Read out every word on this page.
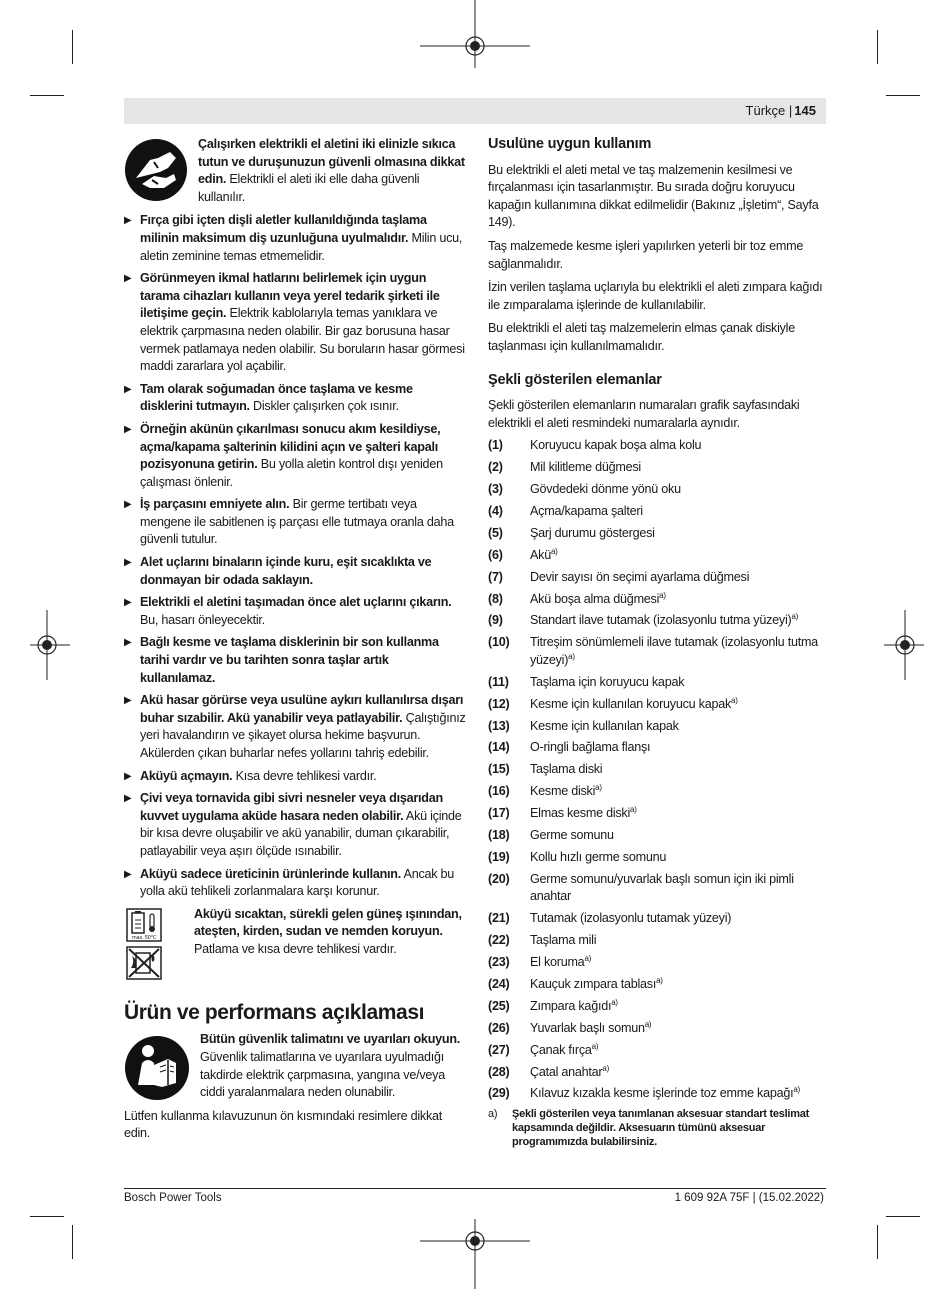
Türkçe | 145
Çalışırken elektrikli el aletini iki elinizle sıkıca tutun ve duruşunuzun güvenli olmasına dikkat edin. Elektrikli el aleti iki elle daha güvenli kullanılır.
▶ Fırça gibi içten dişli aletler kullanıldığında taşlama milinin maksimum diş uzunluğuna uyulmalıdır. Milin ucu, aletin zeminine temas etmemelidir.
▶ Görünmeyen ikmal hatlarını belirlemek için uygun tarama cihazları kullanın veya yerel tedarik şirketi ile iletişime geçin. Elektrik kablolarıyla temas yanıklara ve elektrik çarpmasına neden olabilir. Bir gaz borusuna hasar vermek patlamaya neden olabilir. Su boruların hasar görmesi maddi zararlara yol açabilir.
▶ Tam olarak soğumadan önce taşlama ve kesme disklerini tutmayın. Diskler çalışırken çok ısınır.
▶ Örneğin akünün çıkarılması sonucu akım kesildiyse, açma/kapama şalterinin kilidini açın ve şalteri kapalı pozisyonuna getirin. Bu yolla aletin kontrol dışı yeniden çalışması önlenir.
▶ İş parçasını emniyete alın. Bir germe tertibatı veya mengene ile sabitlenen iş parçası elle tutmaya oranla daha güvenli tutulur.
▶ Alet uçlarını binaların içinde kuru, eşit sıcaklıkta ve donmayan bir odada saklayın.
▶ Elektrikli el aletini taşımadan önce alet uçlarını çıkarın. Bu, hasarı önleyecektir.
▶ Bağlı kesme ve taşlama disklerinin bir son kullanma tarihi vardır ve bu tarihten sonra taşlar artık kullanılamaz.
▶ Akü hasar görürse veya usulüne aykırı kullanılırsa dışarı buhar sızabilir. Akü yanabilir veya patlayabilir. Çalıştığınız yeri havalandırın ve şikayet olursa hekime başvurun. Akülerden çıkan buharlar nefes yollarını tahriş edebilir.
▶ Aküyü açmayın. Kısa devre tehlikesi vardır.
▶ Çivi veya tornavida gibi sivri nesneler veya dışarıdan kuvvet uygulama aküde hasara neden olabilir. Akü içinde bir kısa devre oluşabilir ve akü yanabilir, duman çıkarabilir, patlayabilir veya aşırı ölçüde ısınabilir.
▶ Aküyü sadece üreticinin ürünlerinde kullanın. Ancak bu yolla akü tehlikeli zorlanmalara karşı korunur.
max. 50°C
Aküyü sıcaktan, sürekli gelen güneş ışınından, ateşten, kirden, sudan ve nemden koruyun. Patlama ve kısa devre tehlikesi vardır.
Ürün ve performans açıklaması
Bütün güvenlik talimatını ve uyarıları okuyun. Güvenlik talimatlarına ve uyarılara uyulmadığı takdirde elektrik çarpmasına, yangına ve/veya ciddi yaralanmalara neden olunabilir.

Lütfen kullanma kılavuzunun ön kısmındaki resimlere dikkat edin.

Usulüne uygun kullanım

Bu elektrikli el aleti metal ve taş malzemenin kesilmesi ve fırçalanması için tasarlanmıştır. Bu sırada doğru koruyucu kapağın kullanımına dikkat edilmelidir (Bakınız „İşletim“, Sayfa 149).

Taş malzemede kesme işleri yapılırken yeterli bir toz emme sağlanmalıdır.

İzin verilen taşlama uçlarıyla bu elektrikli el aleti zımpara kağıdı ile zımparalama işlerinde de kullanılabilir.

Bu elektrikli el aleti taş malzemelerin elmas çanak diskiyle taşlanması için kullanılmamalıdır.

Şekli gösterilen elemanlar

Şekli gösterilen elemanların numaraları grafik sayfasındaki elektrikli el aleti resmindeki numaralarla aynıdır.

(1)	Koruyucu kapak boşa alma kolu
(2)	Mil kilitleme düğmesi
(3)	Gövdedeki dönme yönü oku
(4)	Açma/kapama şalteri
(5)	Şarj durumu göstergesi
(6)	Akü$^{a)}$
(7)	Devir sayısı ön seçimi ayarlama düğmesi
(8)	Akü boşa alma düğmesi$^{a)}$
(9)	Standart ilave tutamak (izolasyonlu tutma yüzeyi)$^{a)}$
(10)	Titreşim sönümlemeli ilave tutamak (izolasyonlu tutma yüzeyi)$^{a)}$
(11)	Taşlama için koruyucu kapak
(12)	Kesme için kullanılan koruyucu kapak$^{a)}$
(13)	Kesme için kullanılan kapak
(14)	O-ringli bağlama flanşı
(15)	Taşlama diski
(16)	Kesme diski$^{a)}$
(17)	Elmas kesme diski$^{a)}$
(18)	Germe somunu
(19)	Kollu hızlı germe somunu
(20)	Germe somunu/yuvarlak başlı somun için iki pimli anahtar
(21)	Tutamak (izolasyonlu tutamak yüzeyi)
(22)	Taşlama mili
(23)	El koruma$^{a)}$
(24)	Kauçuk zımpara tablası$^{a)}$
(25)	Zımpara kağıdı$^{a)}$
(26)	Yuvarlak başlı somun$^{a)}$
(27)	Çanak fırça$^{a)}$
(28)	Çatal anahtar$^{a)}$
(29)	Kılavuz kızakla kesme işlerinde toz emme kapağı$^{a)}$
a)	Şekli gösterilen veya tanımlanan aksesuar standart teslimat kapsamında değildir. Aksesuarın tümünü aksesuar programımızda bulabilirsiniz.
Bosch Power Tools	1 609 92A 75F | (15.02.2022)
